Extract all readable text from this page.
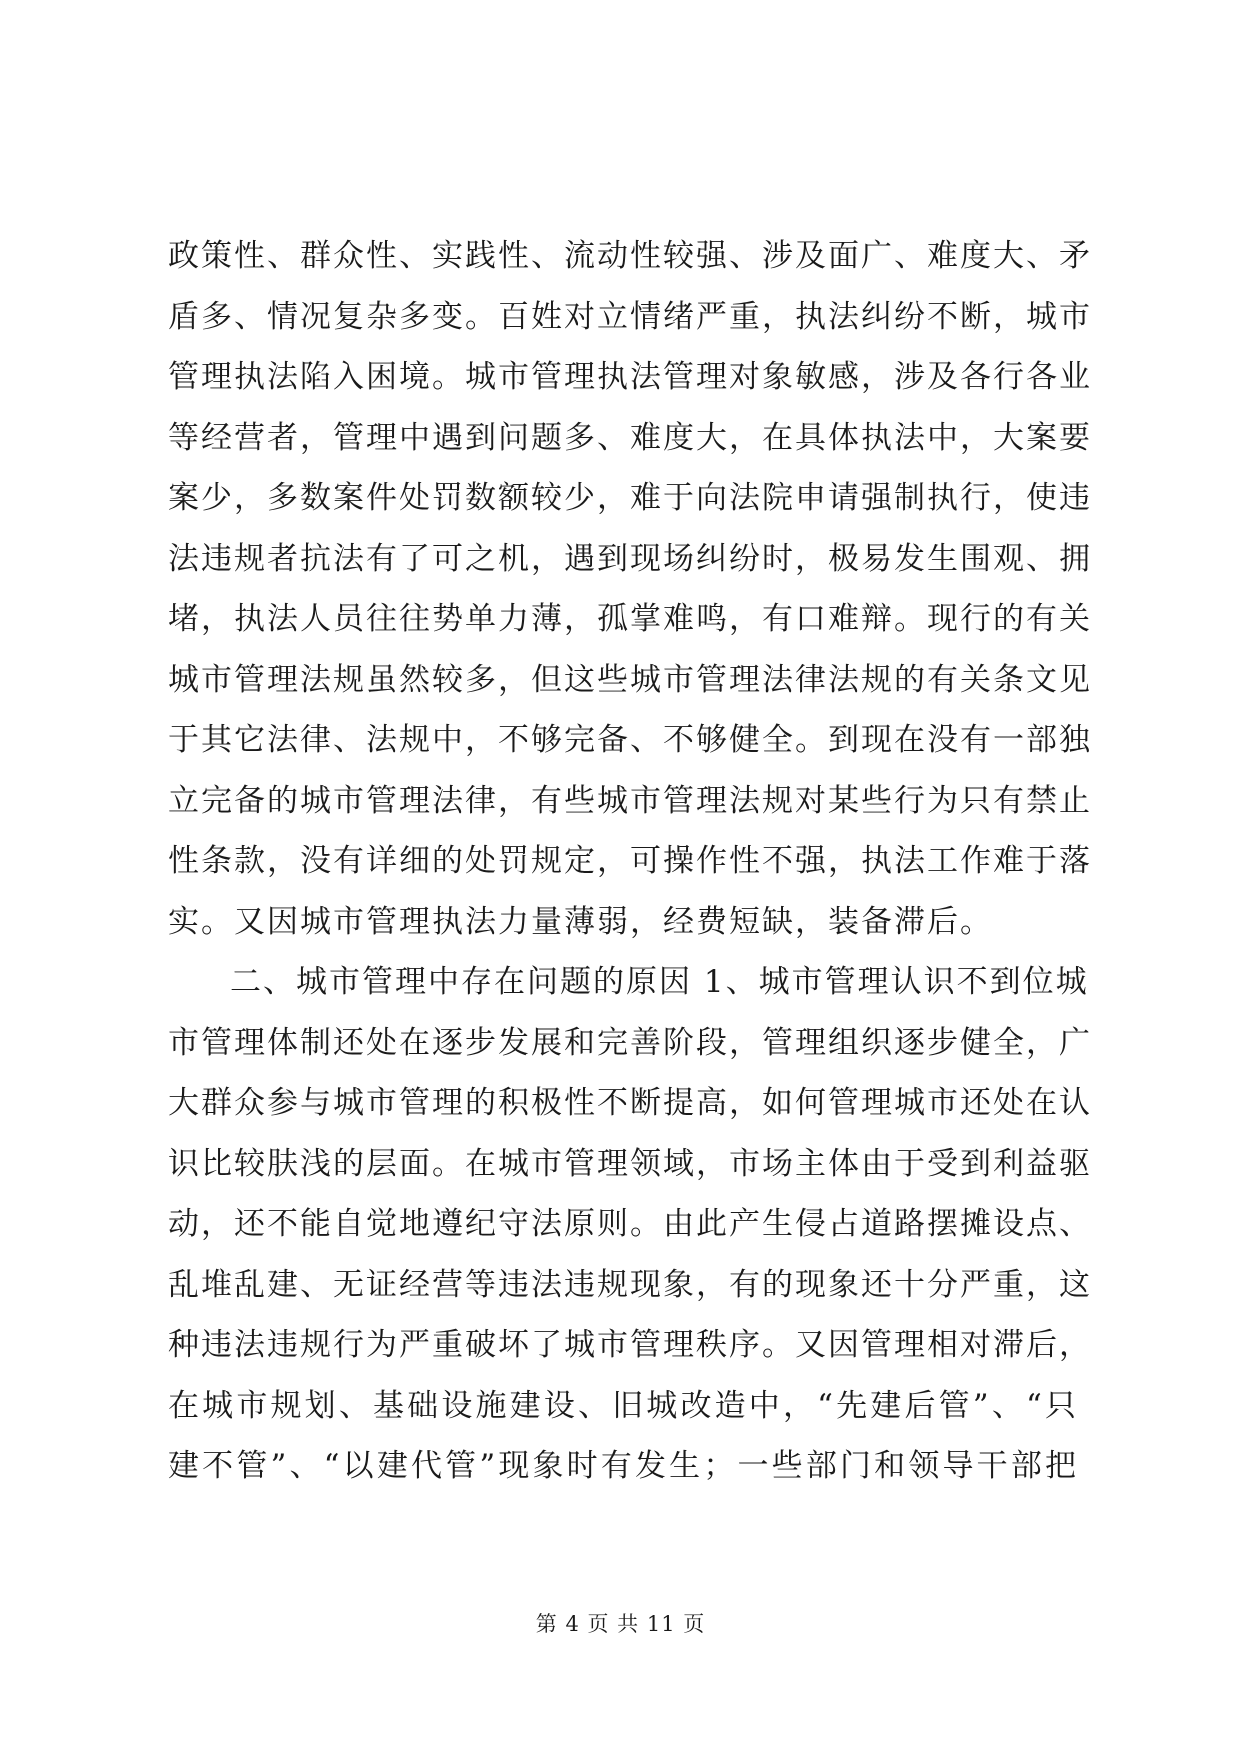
政策性、群众性、实践性、流动性较强、涉及面广、难度大、矛
盾多、情况复杂多变。百姓对立情绪严重，执法纠纷不断，城市
管理执法陷入困境。城市管理执法管理对象敏感，涉及各行各业
等经营者，管理中遇到问题多、难度大，在具体执法中，大案要
案少，多数案件处罚数额较少，难于向法院申请强制执行，使违
法违规者抗法有了可之机，遇到现场纠纷时，极易发生围观、拥
堵，执法人员往往势单力薄，孤掌难鸣，有口难辩。现行的有关
城市管理法规虽然较多，但这些城市管理法律法规的有关条文见
于其它法律、法规中，不够完备、不够健全。到现在没有一部独
立完备的城市管理法律，有些城市管理法规对某些行为只有禁止
性条款，没有详细的处罚规定，可操作性不强，执法工作难于落
实。又因城市管理执法力量薄弱，经费短缺，装备滞后。
二、城市管理中存在问题的原因 1、城市管理认识不到位城
市管理体制还处在逐步发展和完善阶段，管理组织逐步健全，广
大群众参与城市管理的积极性不断提高，如何管理城市还处在认
识比较肤浅的层面。在城市管理领域，市场主体由于受到利益驱
动，还不能自觉地遵纪守法原则。由此产生侵占道路摆摊设点、
乱堆乱建、无证经营等违法违规现象，有的现象还十分严重，这
种违法违规行为严重破坏了城市管理秩序。又因管理相对滞后，
在城市规划、基础设施建设、旧城改造中，“先建后管”、“只
建不管”、“以建代管”现象时有发生；一些部门和领导干部把
第 4 页 共 11 页
